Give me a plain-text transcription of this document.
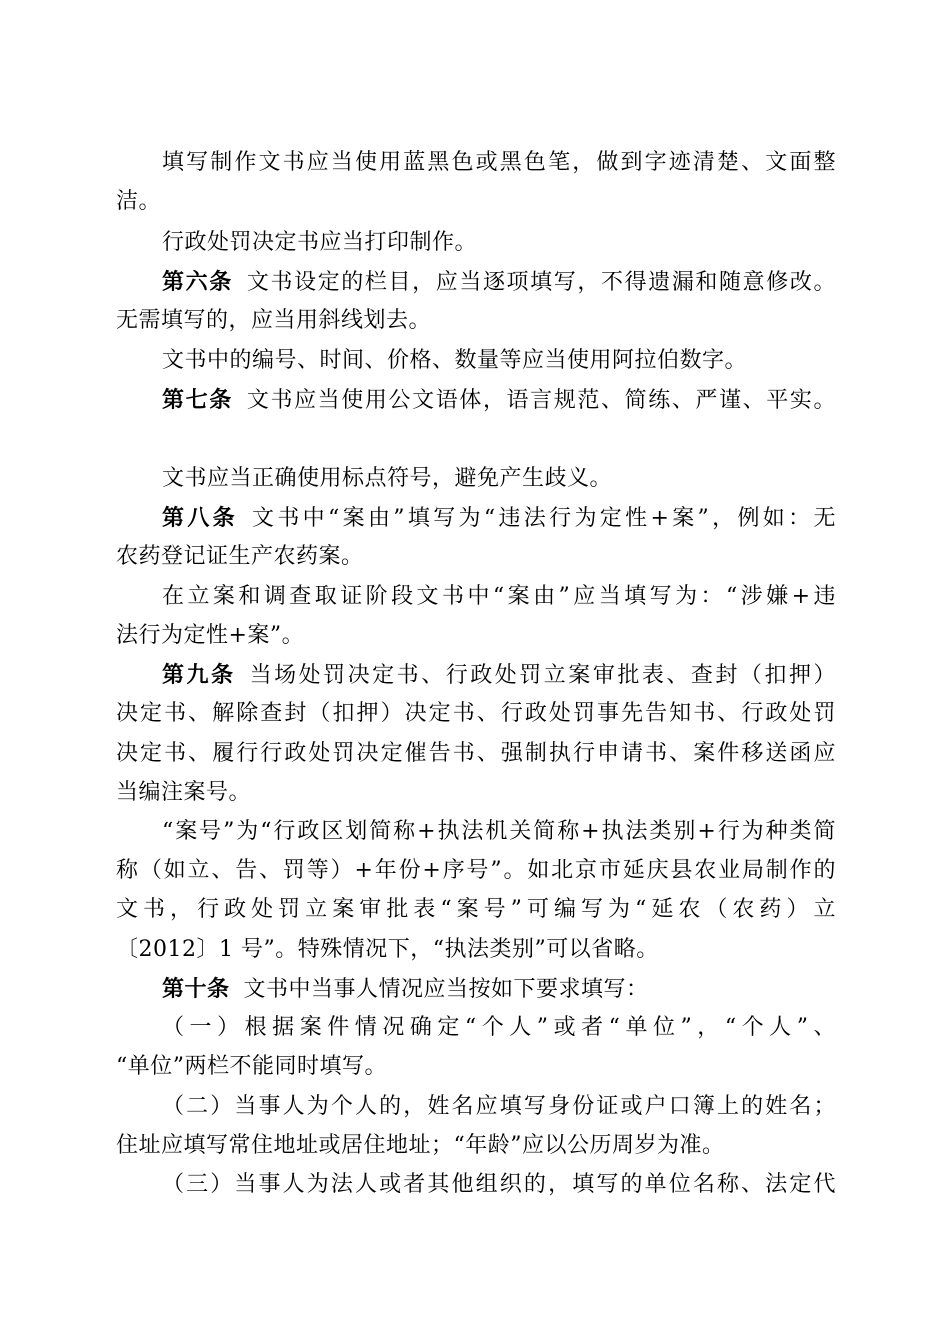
填写制作文书应当使用蓝黑色或黑色笔，做到字迹清楚、文面整
洁。
行政处罚决定书应当打印制作。
第六条 文书设定的栏目，应当逐项填写，不得遗漏和随意修改。
无需填写的，应当用斜线划去。
文书中的编号、时间、价格、数量等应当使用阿拉伯数字。
第七条 文书应当使用公文语体，语言规范、简练、严谨、平实。
文书应当正确使用标点符号，避免产生歧义。
第八条 文书中“案由”填写为“违法行为定性+案”，例如：无
农药登记证生产农药案。
在立案和调查取证阶段文书中“案由”应当填写为：“涉嫌+违
法行为定性+案”。
第九条 当场处罚决定书、行政处罚立案审批表、查封（扣押）
决定书、解除查封（扣押）决定书、行政处罚事先告知书、行政处罚
决定书、履行行政处罚决定催告书、强制执行申请书、案件移送函应
当编注案号。
“案号”为“行政区划简称+执法机关简称+执法类别+行为种类简
称（如立、告、罚等）+年份+序号”。如北京市延庆县农业局制作的
文书，行政处罚立案审批表“案号”可编写为“延农（农药）立
〔2012〕1 号”。特殊情况下，“执法类别”可以省略。
第十条 文书中当事人情况应当按如下要求填写：
（一）根据案件情况确定“个人”或者“单位”，“个人”、
“单位”两栏不能同时填写。
（二）当事人为个人的，姓名应填写身份证或户口簿上的姓名；
住址应填写常住地址或居住地址；“年龄”应以公历周岁为准。
（三）当事人为法人或者其他组织的，填写的单位名称、法定代
